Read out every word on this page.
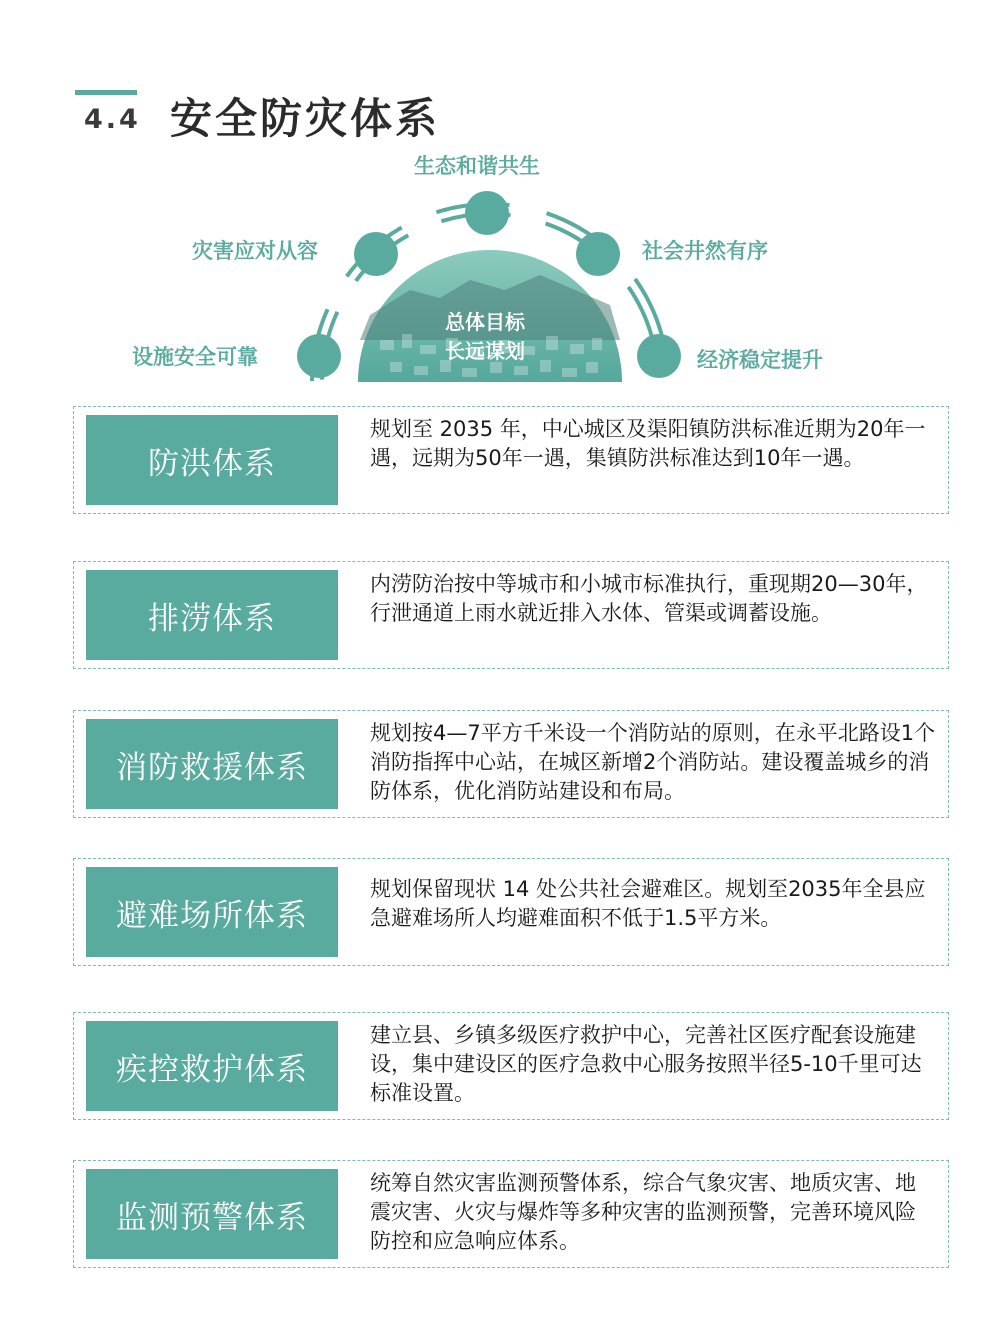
4.4 安全防灾体系
总体目标
长远谋划
生态和谐共生
灾害应对从容	社会井然有序
设施安全可靠	经济稳定提升
防洪体系
规划至 2035 年，中心城区及渠阳镇防洪标准近期为20年一遇，远期为50年一遇，集镇防洪标准达到10年一遇。
排涝体系
内涝防治按中等城市和小城市标准执行，重现期20—30年，行泄通道上雨水就近排入水体、管渠或调蓄设施。
消防救援体系
规划按4—7平方千米设一个消防站的原则，在永平北路设1个消防指挥中心站，在城区新增2个消防站。建设覆盖城乡的消防体系，优化消防站建设和布局。
避难场所体系
规划保留现状 14 处公共社会避难区。规划至2035年全县应急避难场所人均避难面积不低于1.5平方米。
疾控救护体系
建立县、乡镇多级医疗救护中心，完善社区医疗配套设施建设，集中建设区的医疗急救中心服务按照半径5-10千里可达标准设置。
监测预警体系
统筹自然灾害监测预警体系，综合气象灾害、地质灾害、地震灾害、火灾与爆炸等多种灾害的监测预警，完善环境风险防控和应急响应体系。
